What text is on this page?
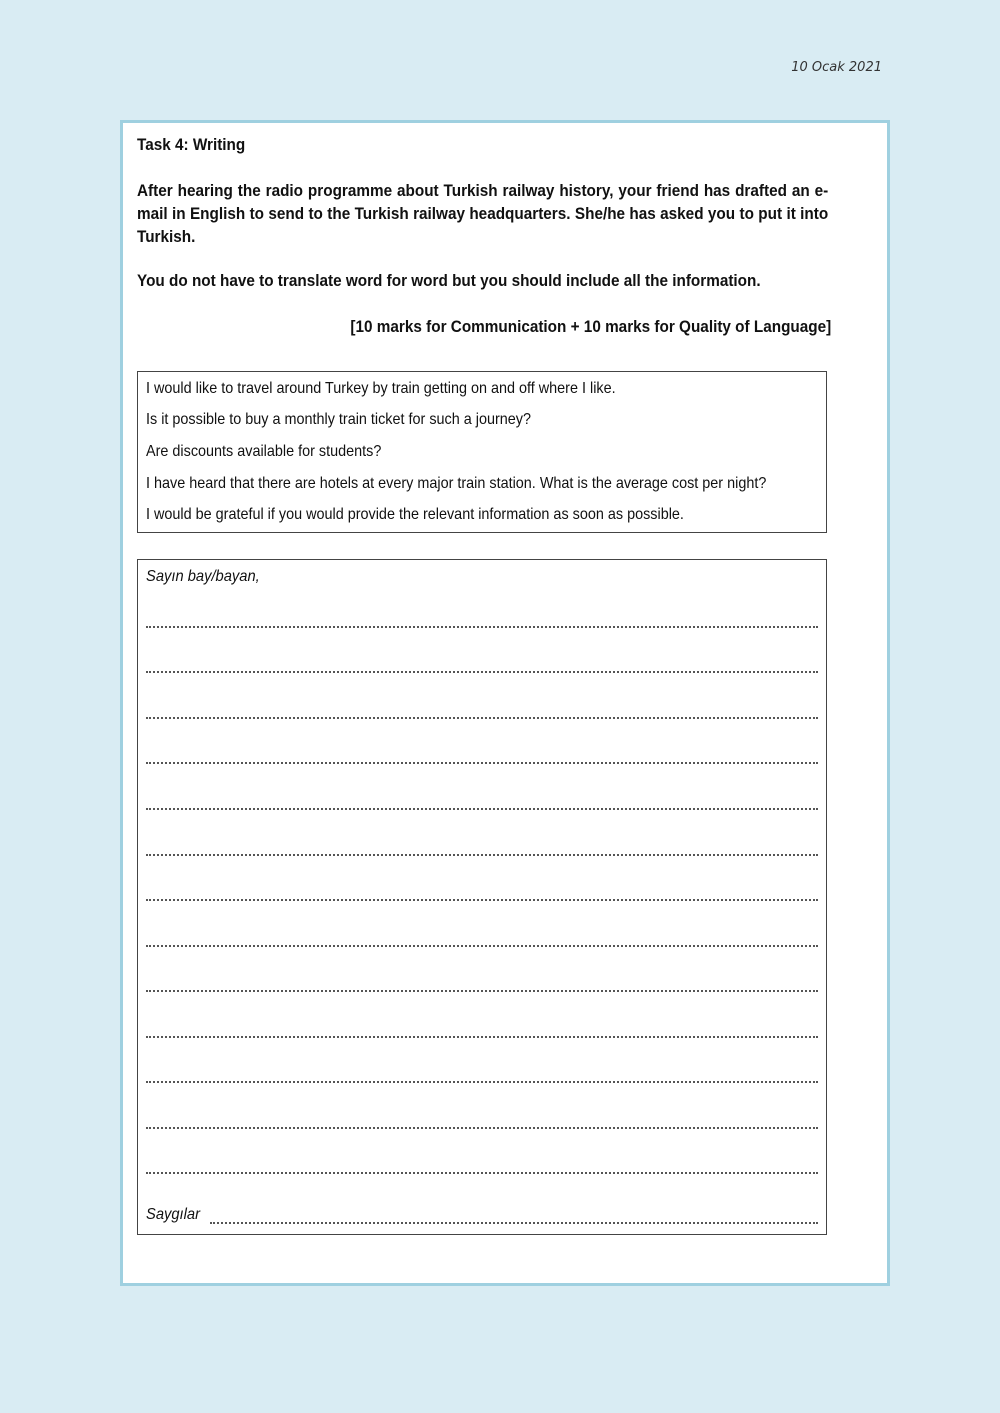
10 Ocak 2021
Task 4: Writing

After hearing the radio programme about Turkish railway history, your friend has drafted an e-mail in English to send to the Turkish railway headquarters. She/he has asked you to put it into Turkish.

You do not have to translate word for word but you should include all the information.
[10 marks for Communication + 10 marks for Quality of Language]
I would like to travel around Turkey by train getting on and off where I like.
Is it possible to buy a monthly train ticket for such a journey?
Are discounts available for students?
I have heard that there are hotels at every major train station. What is the average cost per night?
I would be grateful if you would provide the relevant information as soon as possible.
Sayın bay/bayan,
Saygılar
